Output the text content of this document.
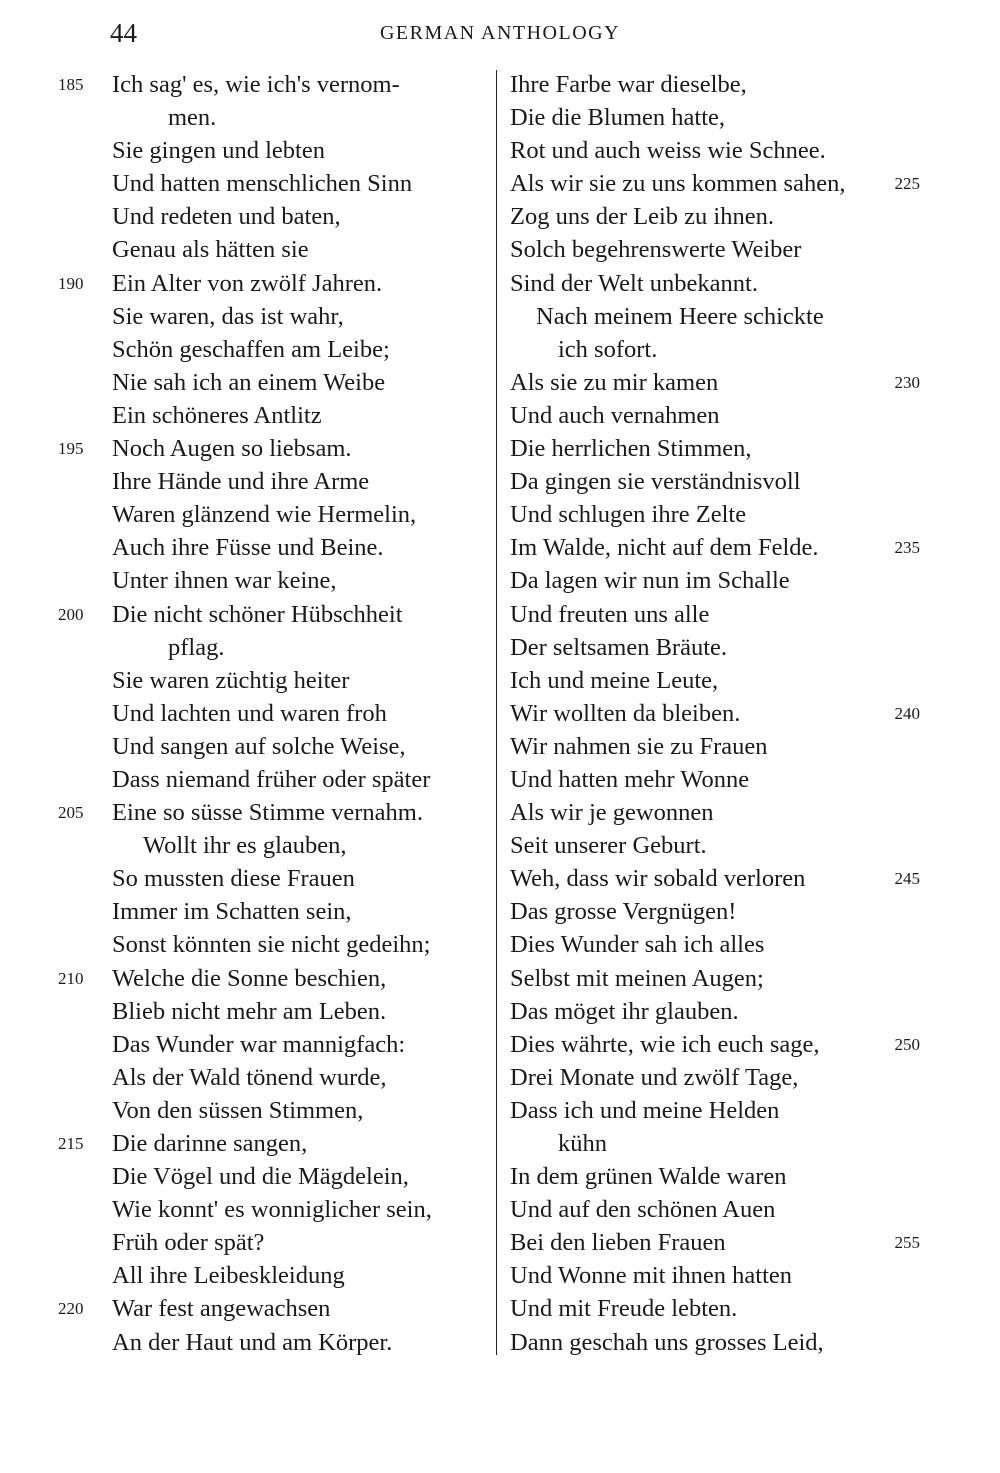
44	GERMAN ANTHOLOGY
185	Ich sag' es, wie ich's vernom-
men.
Sie gingen und lebten
Und hatten menschlichen Sinn
Und redeten und baten,
Genau als hätten sie
190	Ein Alter von zwölf Jahren.
Sie waren, das ist wahr,
Schön geschaffen am Leibe;
Nie sah ich an einem Weibe
Ein schöneres Antlitz
195	Noch Augen so liebsam.
Ihre Hände und ihre Arme
Waren glänzend wie Hermelin,
Auch ihre Füsse und Beine.
Unter ihnen war keine,
200	Die nicht schöner Hübschheit
pflag.
Sie waren züchtig heiter
Und lachten und waren froh
Und sangen auf solche Weise,
Dass niemand früher oder später
205	Eine so süsse Stimme vernahm.
Wollt ihr es glauben,
So mussten diese Frauen
Immer im Schatten sein,
Sonst könnten sie nicht gedeihn;
210	Welche die Sonne beschien,
Blieb nicht mehr am Leben.
Das Wunder war mannigfach:
Als der Wald tönend wurde,
Von den süssen Stimmen,
215	Die darinne sangen,
Die Vögel und die Mägdelein,
Wie konnt' es wonniglicher sein,
Früh oder spät?
All ihre Leibeskleidung
220	War fest angewachsen
An der Haut und am Körper.
Ihre Farbe war dieselbe,
Die die Blumen hatte,
Rot und auch weiss wie Schnee.
225
Als wir sie zu uns kommen sahen,
Zog uns der Leib zu ihnen.
Solch begehrenswerte Weiber
Sind der Welt unbekannt.
Nach meinem Heere schickte
ich sofort.
230
Als sie zu mir kamen
Und auch vernahmen
Die herrlichen Stimmen,
Da gingen sie verständnisvoll
Und schlugen ihre Zelte
235
Im Walde, nicht auf dem Felde.
Da lagen wir nun im Schalle
Und freuten uns alle
Der seltsamen Bräute.
Ich und meine Leute,
240
Wir wollten da bleiben.
Wir nahmen sie zu Frauen
Und hatten mehr Wonne
Als wir je gewonnen
Seit unserer Geburt.
245
Weh, dass wir sobald verloren
Das grosse Vergnügen!
Dies Wunder sah ich alles
Selbst mit meinen Augen;
Das möget ihr glauben.
250
Dies währte, wie ich euch sage,
Drei Monate und zwölf Tage,
Dass ich und meine Helden
kühn
In dem grünen Walde waren
Und auf den schönen Auen
255
Bei den lieben Frauen
Und Wonne mit ihnen hatten
Und mit Freude lebten.
Dann geschah uns grosses Leid,
